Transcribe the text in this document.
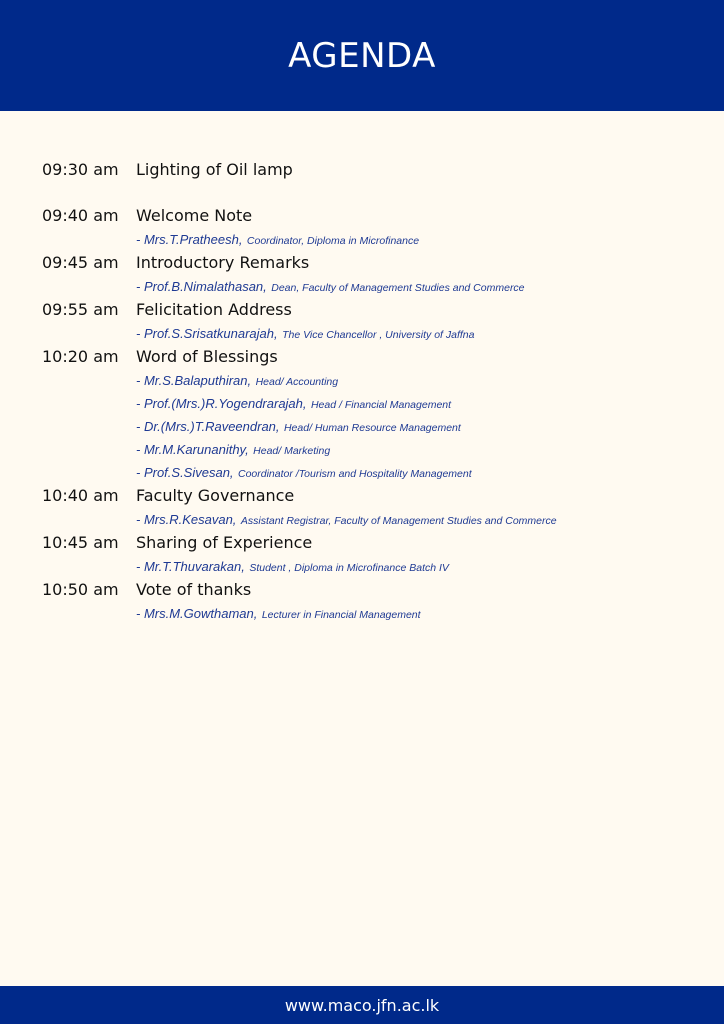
AGENDA
09:30 am	Lighting of Oil lamp
09:40 am	Welcome Note
- Mrs.T.Pratheesh, Coordinator, Diploma in Microfinance
09:45 am	Introductory Remarks
- Prof.B.Nimalathasan, Dean, Faculty of Management Studies and Commerce
09:55 am	Felicitation Address
- Prof.S.Srisatkunarajah, The Vice Chancellor , University of Jaffna
10:20 am	Word of Blessings
- Mr.S.Balaputhiran, Head/ Accounting
- Prof.(Mrs.)R.Yogendrarajah, Head / Financial Management
- Dr.(Mrs.)T.Raveendran, Head/ Human Resource Management
- Mr.M.Karunanithy, Head/ Marketing
- Prof.S.Sivesan, Coordinator /Tourism and Hospitality Management
10:40 am	Faculty Governance
- Mrs.R.Kesavan, Assistant Registrar, Faculty of Management Studies and Commerce
10:45 am	Sharing of Experience
- Mr.T.Thuvarakan, Student , Diploma in Microfinance Batch IV
10:50 am	Vote of thanks
- Mrs.M.Gowthaman, Lecturer in Financial Management
www.maco.jfn.ac.lk
